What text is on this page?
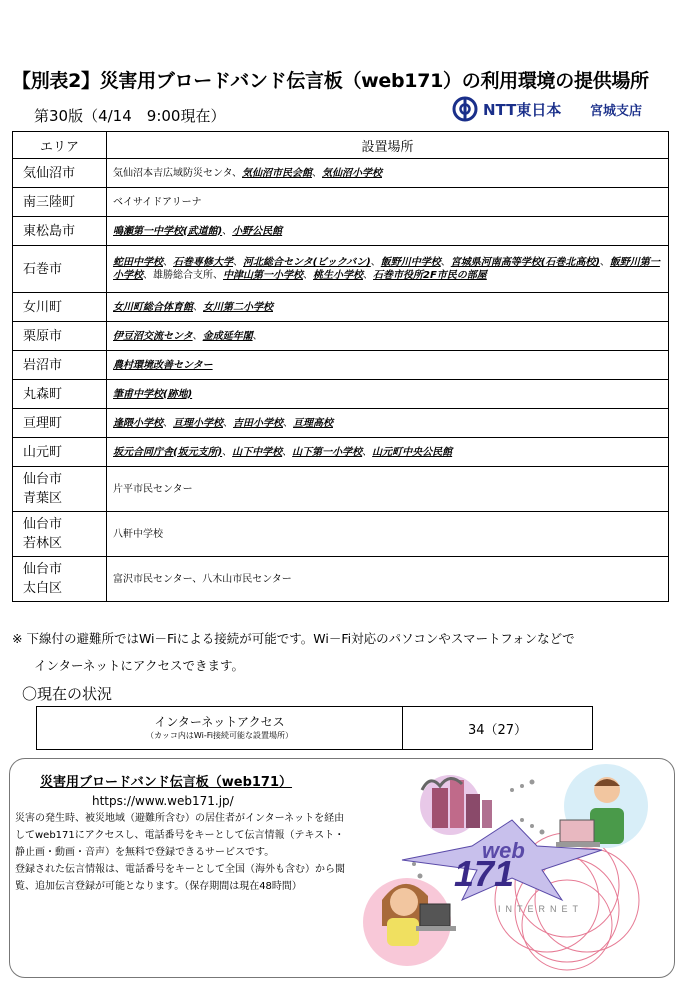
【別表2】災害用ブロードバンド伝言板（web171）の利用環境の提供場所
第30版（4/14　9:00現在）	NTT東日本 宮城支店
エリア	設置場所
気仙沼市	気仙沼本吉広域防災センタ、気仙沼市民会館、気仙沼小学校
南三陸町	ベイサイドアリーナ
東松島市	鳴瀬第一中学校(武道館)、小野公民館
石巻市	蛇田中学校、石巻専修大学、河北総合センタ(ビックバン)、飯野川中学校、宮城県河南高等学校(石巻北高校)、飯野川第一小学校、雄勝総合支所、中津山第一小学校、桃生小学校、石巻市役所2F市民の部屋
女川町	女川町総合体育館、女川第二小学校
栗原市	伊豆沼交流センタ、金成延年閣、
岩沼市	農村環境改善センター
丸森町	筆甫中学校(跡地)
亘理町	逢隈小学校、亘理小学校、吉田小学校、亘理高校
山元町	坂元合同庁舎(坂元支所)、山下中学校、山下第一小学校、山元町中央公民館
仙台市
青葉区	片平市民センター
仙台市
若林区	八軒中学校
仙台市
太白区	富沢市民センター、八木山市民センター
※ 下線付の避難所ではWi－Fiによる接続が可能です。Wi－Fi対応のパソコンやスマートフォンなどで
インターネットにアクセスできます。
〇現在の状況
インターネットアクセス
（カッコ内はWi-Fi接続可能な設置場所）	34（27）
災害用ブロードバンド伝言板（web171）
https://www.web171.jp/

災害の発生時、被災地域（避難所含む）の居住者がインターネットを経由してweb171にアクセスし、電話番号をキーとして伝言情報（テキスト・静止画・動画・音声）を無料で登録できるサービスです。

登録された伝言情報は、電話番号をキーとして全国（海外も含む）から閲覧、追加伝言登録が可能となります。（保存期間は現在48時間）

web
171
INTERNET
